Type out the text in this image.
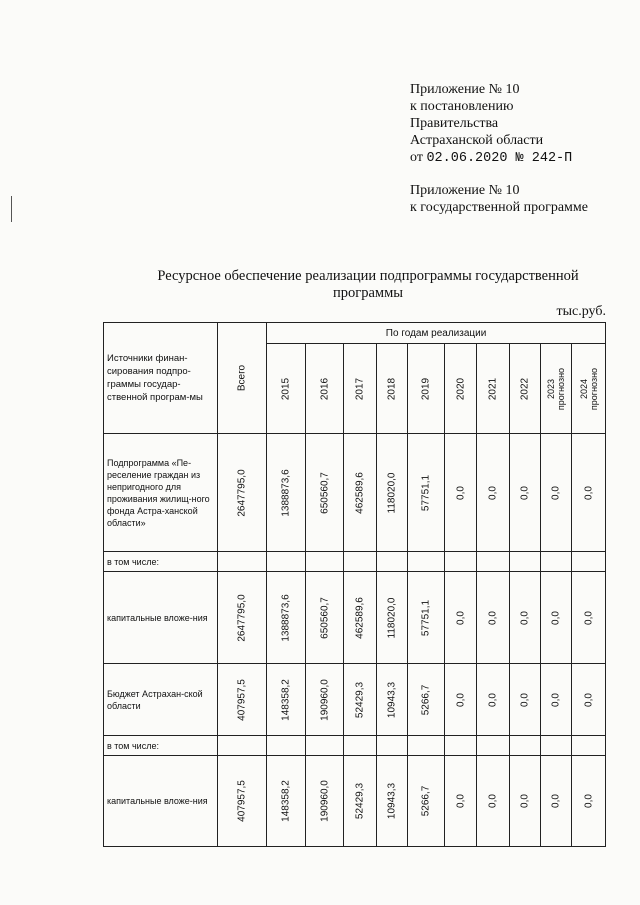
Приложение № 10
к постановлению
Правительства
Астраханской области
от 02.06.2020 № 242-П
Приложение № 10
к государственной программе
Ресурсное обеспечение реализации подпрограммы государственной программы
тыс.руб.
Источники финан-сирования подпро-граммы государ-ственной програм-мы	Всего	По годам реализации									

		2015	2016	2017	2018	2019	2020	2021	2022	2023 прогнозно	2024 прогнозно

Подпрограмма «Пе-реселение граждан из непригодного для проживания жилищ-ного фонда Астра-ханской области»	2647795,0	1388873,6	650560,7	462589,6	118020,0	57751,1	0,0	0,0	0,0	0,0	0,0

в том числе:											
капитальные вложе-ния	2647795,0	1388873,6	650560,7	462589,6	118020,0	57751,1	0,0	0,0	0,0	0,0	0,0

Бюджет Астрахан-ской области	407957,5	148358,2	190960,0	52429,3	10943,3	5266,7	0,0	0,0	0,0	0,0	0,0

в том числе:											
капитальные вложе-ния	407957,5	148358,2	190960,0	52429,3	10943,3	5266,7	0,0	0,0	0,0	0,0	0,0
